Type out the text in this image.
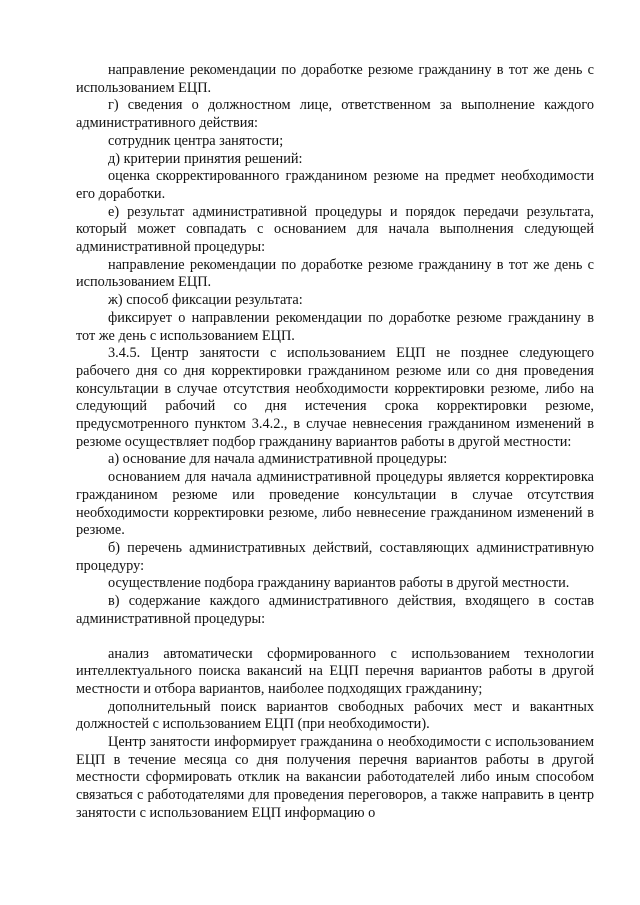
направление рекомендации по доработке резюме гражданину в тот же день с использованием ЕЦП.

г) сведения о должностном лице, ответственном за выполнение каждого административного действия:

сотрудник центра занятости;

д) критерии принятия решений:

оценка скорректированного гражданином резюме на предмет необходимости его доработки.

е) результат административной процедуры и порядок передачи результата, который может совпадать с основанием для начала выполнения следующей административной процедуры:

направление рекомендации по доработке резюме гражданину в тот же день с использованием ЕЦП.

ж) способ фиксации результата:

фиксирует о направлении рекомендации по доработке резюме гражданину в тот же день с использованием ЕЦП.

3.4.5. Центр занятости с использованием ЕЦП не позднее следующего рабочего дня со дня корректировки гражданином резюме или со дня проведения консультации в случае отсутствия необходимости корректировки резюме, либо на следующий рабочий со дня истечения срока корректировки резюме, предусмотренного пунктом 3.4.2., в случае невнесения гражданином изменений в резюме осуществляет подбор гражданину вариантов работы в другой местности:

а) основание для начала административной процедуры:

основанием для начала административной процедуры является корректировка гражданином резюме или проведение консультации в случае отсутствия необходимости корректировки резюме, либо невнесение гражданином изменений в резюме.

б) перечень административных действий, составляющих административную процедуру:

осуществление подбора гражданину вариантов работы в другой местности.

в) содержание каждого административного действия, входящего в состав административной процедуры:

анализ автоматически сформированного с использованием технологии интеллектуального поиска вакансий на ЕЦП перечня вариантов работы в другой местности и отбора вариантов, наиболее подходящих гражданину;

дополнительный поиск вариантов свободных рабочих мест и вакантных должностей с использованием ЕЦП (при необходимости).

Центр занятости информирует гражданина о необходимости с использованием ЕЦП в течение месяца со дня получения перечня вариантов работы в другой местности сформировать отклик на вакансии работодателей либо иным способом связаться с работодателями для проведения переговоров, а также направить в центр занятости с использованием ЕЦП информацию о
